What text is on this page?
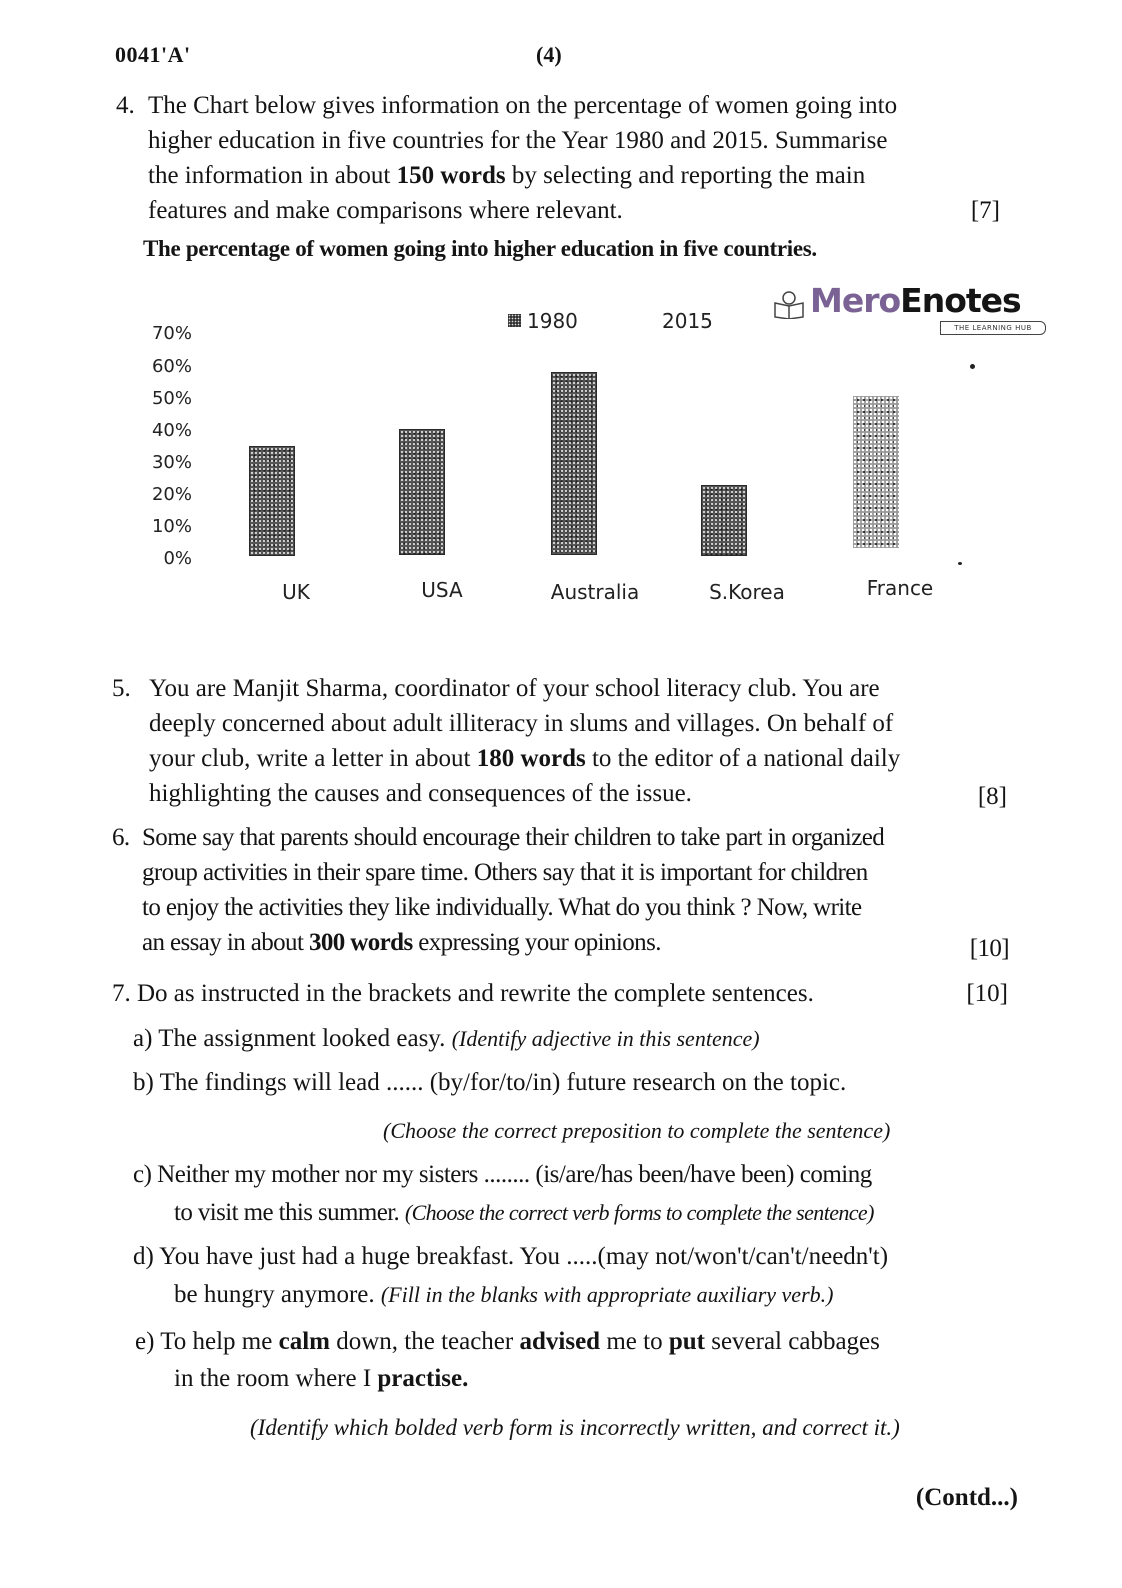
0041'A'	(4)
4. The Chart below gives information on the percentage of women going into
higher education in five countries for the Year 1980 and 2015. Summarise
the information in about 150 words by selecting and reporting the main
features and make comparisons where relevant.	[7]
The percentage of women going into higher education in five countries.
1980	2015
70%
60%
50%
40%
30%
20%
10%
0%
UK	USA	Australia	S.Korea	France
MeroEnotes
THE LEARNING HUB
5. You are Manjit Sharma, coordinator of your school literacy club. You are
deeply concerned about adult illiteracy in slums and villages. On behalf of
your club, write a letter in about 180 words to the editor of a national daily
highlighting the causes and consequences of the issue.	[8]
6. Some say that parents should encourage their children to take part in organized
group activities in their spare time. Others say that it is important for children
to enjoy the activities they like individually. What do you think ? Now, write
an essay in about 300 words expressing your opinions.	[10]
7. Do as instructed in the brackets and rewrite the complete sentences.	[10]
a) The assignment looked easy. (Identify adjective in this sentence)
b) The findings will lead ...... (by/for/to/in) future research on the topic.
(Choose the correct preposition to complete the sentence)
c) Neither my mother nor my sisters ........ (is/are/has been/have been) coming
to visit me this summer. (Choose the correct verb forms to complete the sentence)
d) You have just had a huge breakfast. You .....(may not/won't/can't/needn't)
be hungry anymore. (Fill in the blanks with appropriate auxiliary verb.)
e) To help me calm down, the teacher advised me to put several cabbages
in the room where I practise.
(Identify which bolded verb form is incorrectly written, and correct it.)
(Contd...)
